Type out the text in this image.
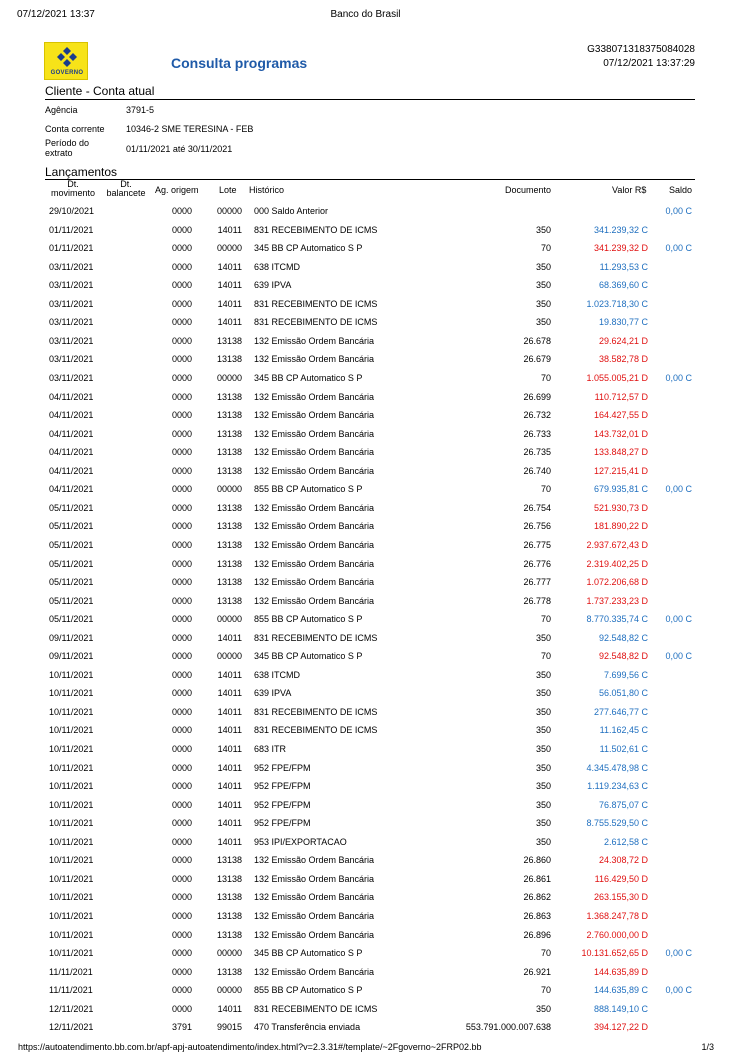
07/12/2021 13:37	Banco do Brasil
GOVERNO
Consulta programas
G338071318375084028
07/12/2021 13:37:29
Cliente - Conta atual
Agência	3791-5
Conta corrente	10346-2 SME TERESINA - FEB
Período do extrato	01/11/2021 até 30/11/2021
Lançamentos
Dt. movimento
Dt. balancete	Ag. origem Lote Histórico	Documento	Valor R$	Saldo
29/10/2021	0000	00000 000 Saldo Anterior	0,00 C
01/11/2021	0000	14011 831 RECEBIMENTO DE ICMS	350	341.239,32 C
01/11/2021	0000	00000 345 BB CP Automatico S P	70	341.239,32 D	0,00 C
03/11/2021	0000	14011 638 ITCMD	350	11.293,53 C
03/11/2021	0000	14011 639 IPVA	350	68.369,60 C
03/11/2021	0000	14011 831 RECEBIMENTO DE ICMS	350	1.023.718,30 C
03/11/2021	0000	14011 831 RECEBIMENTO DE ICMS	350	19.830,77 C
03/11/2021	0000	13138 132 Emissão Ordem Bancária	26.678	29.624,21 D
03/11/2021	0000	13138 132 Emissão Ordem Bancária	26.679	38.582,78 D
03/11/2021	0000	00000 345 BB CP Automatico S P	70	1.055.005,21 D	0,00 C
04/11/2021	0000	13138 132 Emissão Ordem Bancária	26.699	110.712,57 D
04/11/2021	0000	13138 132 Emissão Ordem Bancária	26.732	164.427,55 D
04/11/2021	0000	13138 132 Emissão Ordem Bancária	26.733	143.732,01 D
04/11/2021	0000	13138 132 Emissão Ordem Bancária	26.735	133.848,27 D
04/11/2021	0000	13138 132 Emissão Ordem Bancária	26.740	127.215,41 D
04/11/2021	0000	00000 855 BB CP Automatico S P	70	679.935,81 C	0,00 C
05/11/2021	0000	13138 132 Emissão Ordem Bancária	26.754	521.930,73 D
05/11/2021	0000	13138 132 Emissão Ordem Bancária	26.756	181.890,22 D
05/11/2021	0000	13138 132 Emissão Ordem Bancária	26.775	2.937.672,43 D
05/11/2021	0000	13138 132 Emissão Ordem Bancária	26.776	2.319.402,25 D
05/11/2021	0000	13138 132 Emissão Ordem Bancária	26.777	1.072.206,68 D
05/11/2021	0000	13138 132 Emissão Ordem Bancária	26.778	1.737.233,23 D
05/11/2021	0000	00000 855 BB CP Automatico S P	70	8.770.335,74 C	0,00 C
09/11/2021	0000	14011 831 RECEBIMENTO DE ICMS	350	92.548,82 C
09/11/2021	0000	00000 345 BB CP Automatico S P	70	92.548,82 D	0,00 C
10/11/2021	0000	14011 638 ITCMD	350	7.699,56 C
10/11/2021	0000	14011 639 IPVA	350	56.051,80 C
10/11/2021	0000	14011 831 RECEBIMENTO DE ICMS	350	277.646,77 C
10/11/2021	0000	14011 831 RECEBIMENTO DE ICMS	350	11.162,45 C
10/11/2021	0000	14011 683 ITR	350	11.502,61 C
10/11/2021	0000	14011 952 FPE/FPM	350	4.345.478,98 C
10/11/2021	0000	14011 952 FPE/FPM	350	1.119.234,63 C
10/11/2021	0000	14011 952 FPE/FPM	350	76.875,07 C
10/11/2021	0000	14011 952 FPE/FPM	350	8.755.529,50 C
10/11/2021	0000	14011 953 IPI/EXPORTACAO	350	2.612,58 C
10/11/2021	0000	13138 132 Emissão Ordem Bancária	26.860	24.308,72 D
10/11/2021	0000	13138 132 Emissão Ordem Bancária	26.861	116.429,50 D
10/11/2021	0000	13138 132 Emissão Ordem Bancária	26.862	263.155,30 D
10/11/2021	0000	13138 132 Emissão Ordem Bancária	26.863	1.368.247,78 D
10/11/2021	0000	13138 132 Emissão Ordem Bancária	26.896	2.760.000,00 D
10/11/2021	0000	00000 345 BB CP Automatico S P	70	10.131.652,65 D	0,00 C
11/11/2021	0000	13138 132 Emissão Ordem Bancária	26.921	144.635,89 D
11/11/2021	0000	00000 855 BB CP Automatico S P	70	144.635,89 C	0,00 C
12/11/2021	0000	14011 831 RECEBIMENTO DE ICMS	350	888.149,10 C
12/11/2021	3791	99015 470 Transferência enviada	553.791.000.007.638	394.127,22 D
https://autoatendimento.bb.com.br/apf-apj-autoatendimento/index.html?v=2.3.31#/template/~2Fgoverno~2FRP02.bb	1/3
